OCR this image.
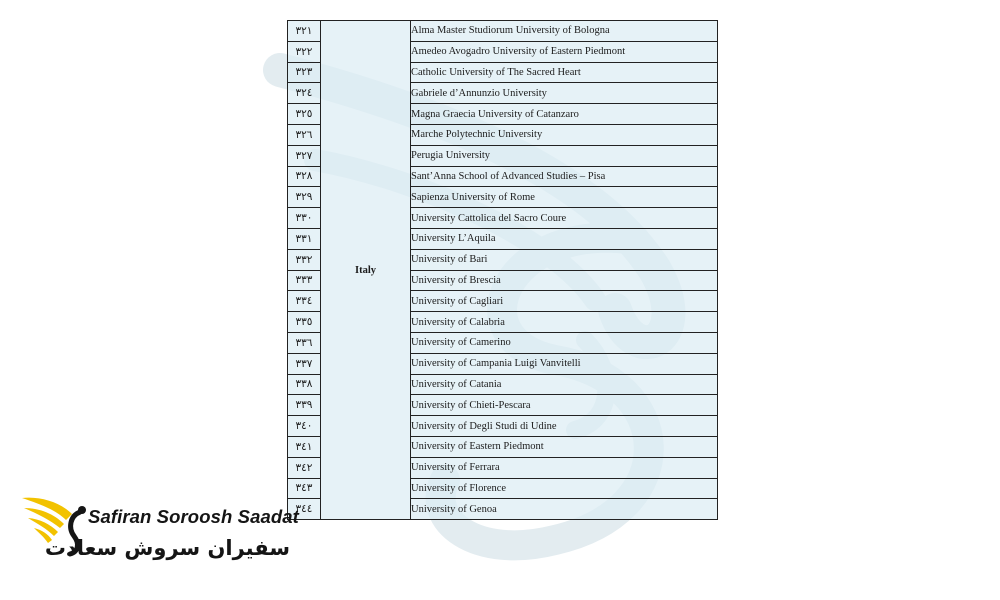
۳۲۱	Italy	Alma Master Studiorum University of Bologna
۳۲۲		Amedeo Avogadro University of Eastern Piedmont
۳۲۳		Catholic University of The Sacred Heart
۳۲٤		Gabriele d’Annunzio University
۳۲٥		Magna Graecia University of Catanzaro
۳۲٦		Marche Polytechnic University
۳۲۷		Perugia University
۳۲۸		Sant’Anna School of Advanced Studies – Pisa
۳۲۹		Sapienza University of Rome
۳۳۰		University Cattolica del Sacro Coure
۳۳۱		University L’Aquila
۳۳۲		University of Bari
۳۳۳		University of Brescia
۳۳٤		University of Cagliari
۳۳٥		University of Calabria
۳۳٦		University of Camerino
۳۳۷		University of Campania Luigi Vanvitelli
۳۳۸		University of Catania
۳۳۹		University of Chieti-Pescara
۳٤۰		University of Degli Studi di Udine
۳٤۱		University of Eastern Piedmont
۳٤۲		University of Ferrara
۳٤۳		University of Florence
۳٤٤		University of Genoa
Safiran Soroosh Saadat
سفیران سروش سعادت
